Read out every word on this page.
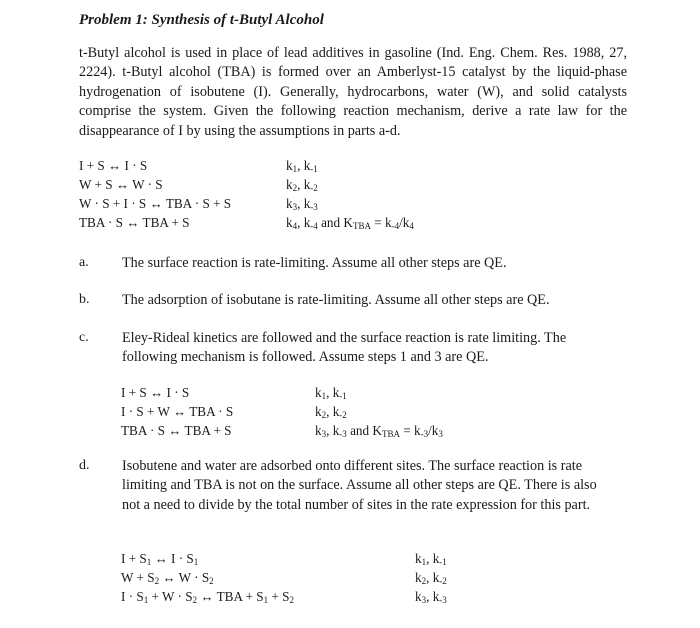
Problem 1: Synthesis of t-Butyl Alcohol

t-Butyl alcohol is used in place of lead additives in gasoline (Ind. Eng. Chem. Res. 1988, 27, 2224). t-Butyl alcohol (TBA) is formed over an Amberlyst-15 catalyst by the liquid-phase hydrogenation of isobutene (I). Generally, hydrocarbons, water (W), and solid catalysts comprise the system. Given the following reaction mechanism, derive a rate law for the disappearance of I by using the assumptions in parts a-d.

I + S ↔ I · S	$k_1$, $k_{-1}$
W + S ↔ W · S	$k_2$, $k_{-2}$
W · S + I · S ↔ TBA · S + S	$k_3$, $k_{-3}$
TBA · S ↔ TBA + S	$k_4$, $k_{-4}$ and $K_{TBA} = k_{-4}/k_4$
a. The surface reaction is rate-limiting. Assume all other steps are QE.

b. The adsorption of isobutane is rate-limiting. Assume all other steps are QE.

c. Eley-Rideal kinetics are followed and the surface reaction is rate limiting. The following mechanism is followed. Assume steps 1 and 3 are QE.

I + S ↔ I · S	$k_1$, $k_{-1}$
I · S + W ↔ TBA · S	$k_2$, $k_{-2}$
TBA · S ↔ TBA + S	$k_3$, $k_{-3}$ and $K_{TBA} = k_{-3}/k_3$
d. Isobutene and water are adsorbed onto different sites. The surface reaction is rate limiting and TBA is not on the surface. Assume all other steps are QE. There is also not a need to divide by the total number of sites in the rate expression for this part.

$I + S_1$ ↔ $I \cdot S_1$	$k_1$, $k_{-1}$
$W + S_2$ ↔ $W \cdot S_2$	$k_2$, $k_{-2}$
$I \cdot S_1 + W \cdot S_2$ ↔ TBA + $S_1 + S_2$	$k_3$, $k_{-3}$
